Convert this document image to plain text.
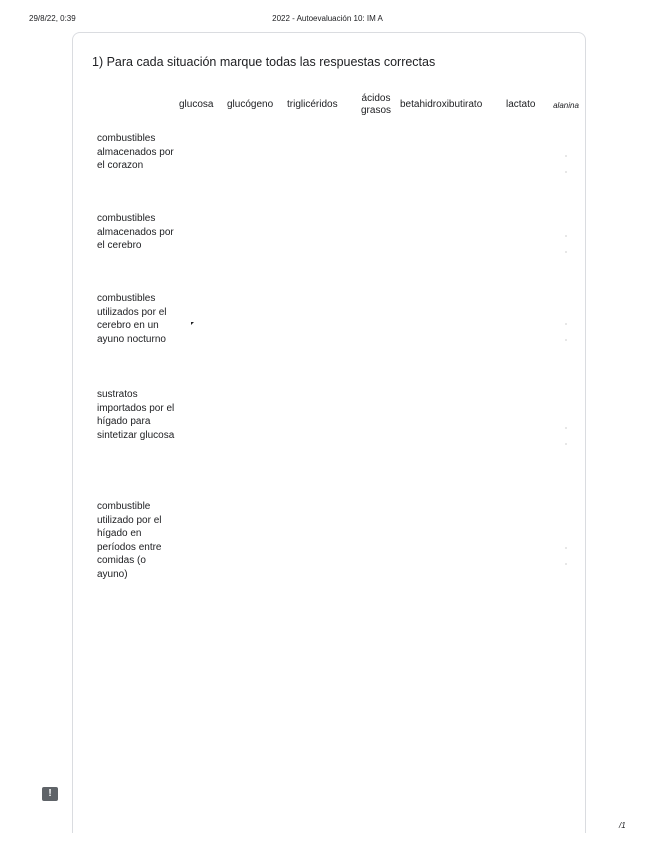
29/8/22, 0:39	2022 - Autoevaluación 10: IM A
1) Para cada situación marque todas las respuestas correctas
glucosa glucógeno triglicéridos
ácidos grasos
betahidroxibutirato lactato	alanina
combustibles almacenados por el corazon
combustibles almacenados por el cerebro
combustibles utilizados por el cerebro en un ayuno nocturno
sustratos importados por el hígado para sintetizar glucosa
combustible utilizado por el hígado en períodos entre comidas (o ayuno)
!
/1
